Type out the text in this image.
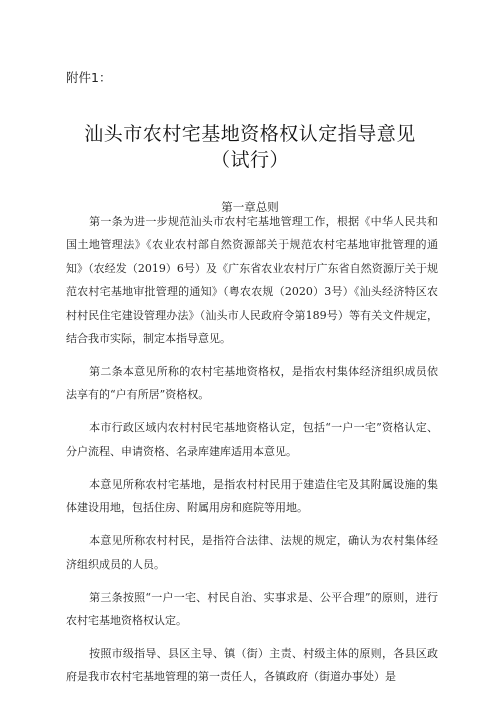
附件1：
汕头市农村宅基地资格权认定指导意见
（试行）
第一章总则

第一条为进一步规范汕头市农村宅基地管理工作，根据《中华人民共和国土地管理法》《农业农村部自然资源部关于规范农村宅基地审批管理的通知》（农经发（2019）6号）及《广东省农业农村厅广东省自然资源厅关于规范农村宅基地审批管理的通知》（粤农农规（2020）3号）《汕头经济特区农村村民住宅建设管理办法》（汕头市人民政府令第189号）等有关文件规定，结合我市实际，制定本指导意见。

第二条本意见所称的农村宅基地资格权，是指农村集体经济组织成员依法享有的“户有所居”资格权。

本市行政区域内农村村民宅基地资格认定，包括“一户一宅”资格认定、分户流程、申请资格、名录库建库适用本意见。

本意见所称农村宅基地，是指农村村民用于建造住宅及其附属设施的集体建设用地，包括住房、附属用房和庭院等用地。

本意见所称农村村民，是指符合法律、法规的规定，确认为农村集体经济组织成员的人员。

第三条按照“一户一宅、村民自治、实事求是、公平合理”的原则，进行农村宅基地资格权认定。

按照市级指导、县区主导、镇（街）主责、村级主体的原则，各县区政府是我市农村宅基地管理的第一责任人，各镇政府（街道办事处）是
